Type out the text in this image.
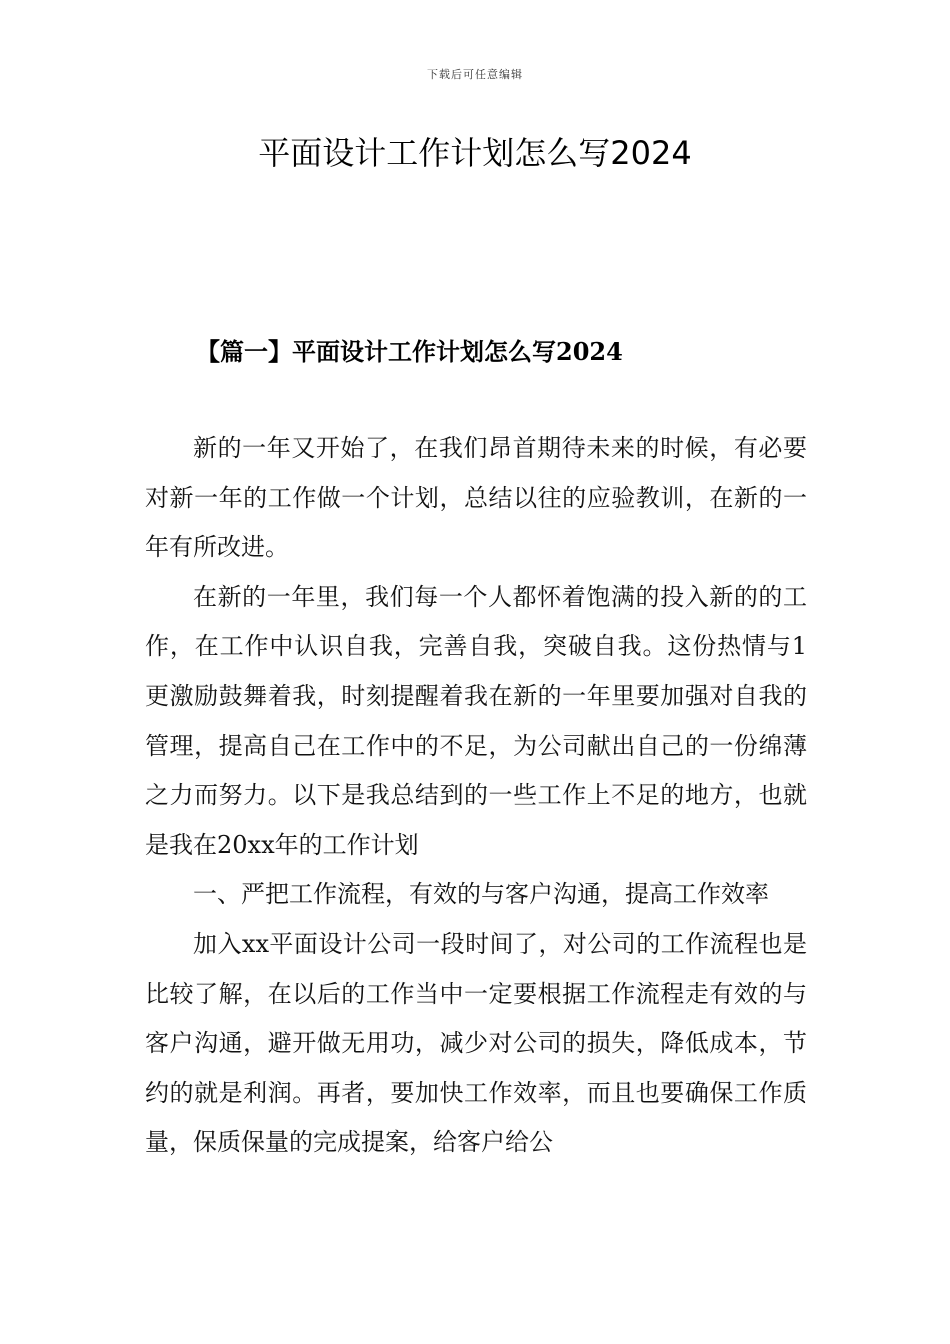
下载后可任意编辑
平面设计工作计划怎么写2024
【篇一】平面设计工作计划怎么写2024

新的一年又开始了，在我们昂首期待未来的时候，有必要对新一年的工作做一个计划，总结以往的应验教训，在新的一年有所改进。

在新的一年里，我们每一个人都怀着饱满的投入新的的工作，在工作中认识自我，完善自我，突破自我。这份热情与1更激励鼓舞着我，时刻提醒着我在新的一年里要加强对自我的管理，提高自己在工作中的不足，为公司献出自己的一份绵薄之力而努力。以下是我总结到的一些工作上不足的地方，也就是我在20xx年的工作计划

一、严把工作流程，有效的与客户沟通，提高工作效率

加入xx平面设计公司一段时间了，对公司的工作流程也是比较了解，在以后的工作当中一定要根据工作流程走有效的与客户沟通，避开做无用功，减少对公司的损失，降低成本，节约的就是利润。再者，要加快工作效率，而且也要确保工作质量，保质保量的完成提案，给客户给公
